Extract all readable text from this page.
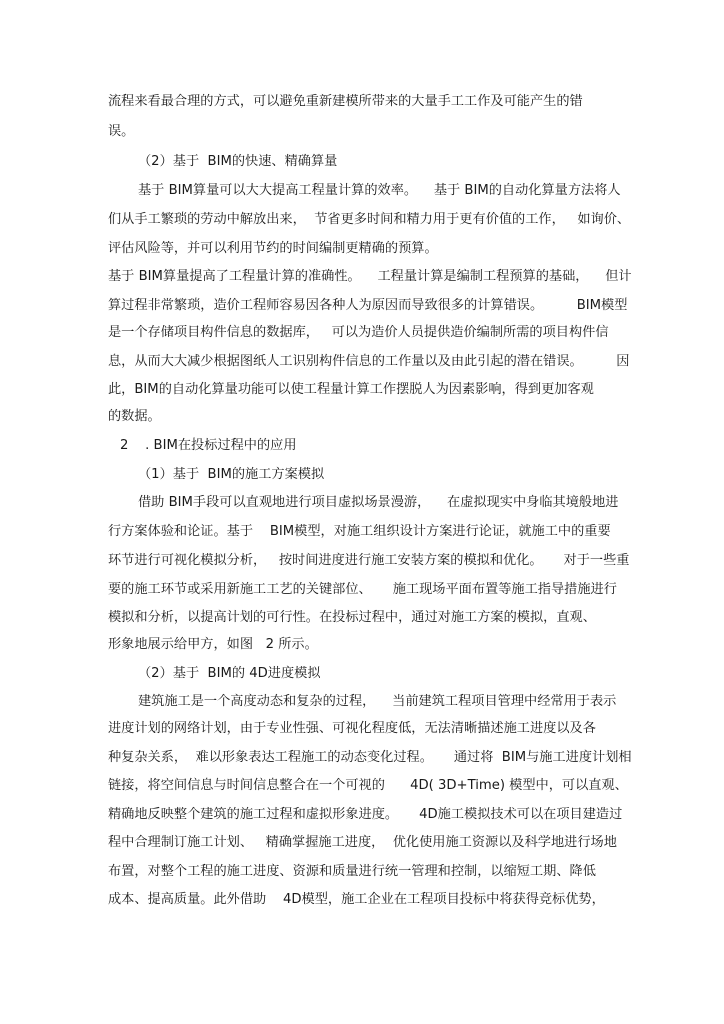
流程来看最合理的方式，可以避免重新建模所带来的大量手工工作及可能产生的错
误。
（2）基于  BIM的快速、精确算量
基于 BIM算量可以大大提高工程量计算的效率。    基于 BIM的自动化算量方法将人
们从手工繁琐的劳动中解放出来，  节省更多时间和精力用于更有价值的工作，   如询价、
评估风险等，并可以利用节约的时间编制更精确的预算。
基于 BIM算量提高了工程量计算的准确性。    工程量计算是编制工程预算的基础，    但计
算过程非常繁琐，造价工程师容易因各种人为原因而导致很多的计算错误。        BIM模型
是一个存储项目构件信息的数据库，   可以为造价人员提供造价编制所需的项目构件信
息，从而大大减少根据图纸人工识别构件信息的工作量以及由此引起的潜在错误。        因
此，BIM的自动化算量功能可以使工程量计算工作摆脱人为因素影响，得到更加客观
的数据。
2    . BIM在投标过程中的应用
（1）基于  BIM的施工方案模拟
借助 BIM手段可以直观地进行项目虚拟场景漫游，    在虚拟现实中身临其境般地进
行方案体验和论证。基于    BIM模型，对施工组织设计方案进行论证，就施工中的重要
环节进行可视化模拟分析，   按时间进度进行施工安装方案的模拟和优化。     对于一些重
要的施工环节或采用新施工工艺的关键部位、     施工现场平面布置等施工指导措施进行
模拟和分析，以提高计划的可行性。在投标过程中，通过对施工方案的模拟，直观、
形象地展示给甲方，如图   2 所示。
（2）基于  BIM的 4D进度模拟
建筑施工是一个高度动态和复杂的过程，    当前建筑工程项目管理中经常用于表示
进度计划的网络计划，由于专业性强、可视化程度低，无法清晰描述施工进度以及各
种复杂关系，  难以形象表达工程施工的动态变化过程。     通过将  BIM与施工进度计划相
链接，将空间信息与时间信息整合在一个可视的      4D( 3D+Time) 模型中，可以直观、
精确地反映整个建筑的施工过程和虚拟形象进度。     4D施工模拟技术可以在项目建造过
程中合理制订施工计划、   精确掌握施工进度，  优化使用施工资源以及科学地进行场地
布置，对整个工程的施工进度、资源和质量进行统一管理和控制，以缩短工期、降低
成本、提高质量。此外借助    4D模型，施工企业在工程项目投标中将获得竞标优势，
